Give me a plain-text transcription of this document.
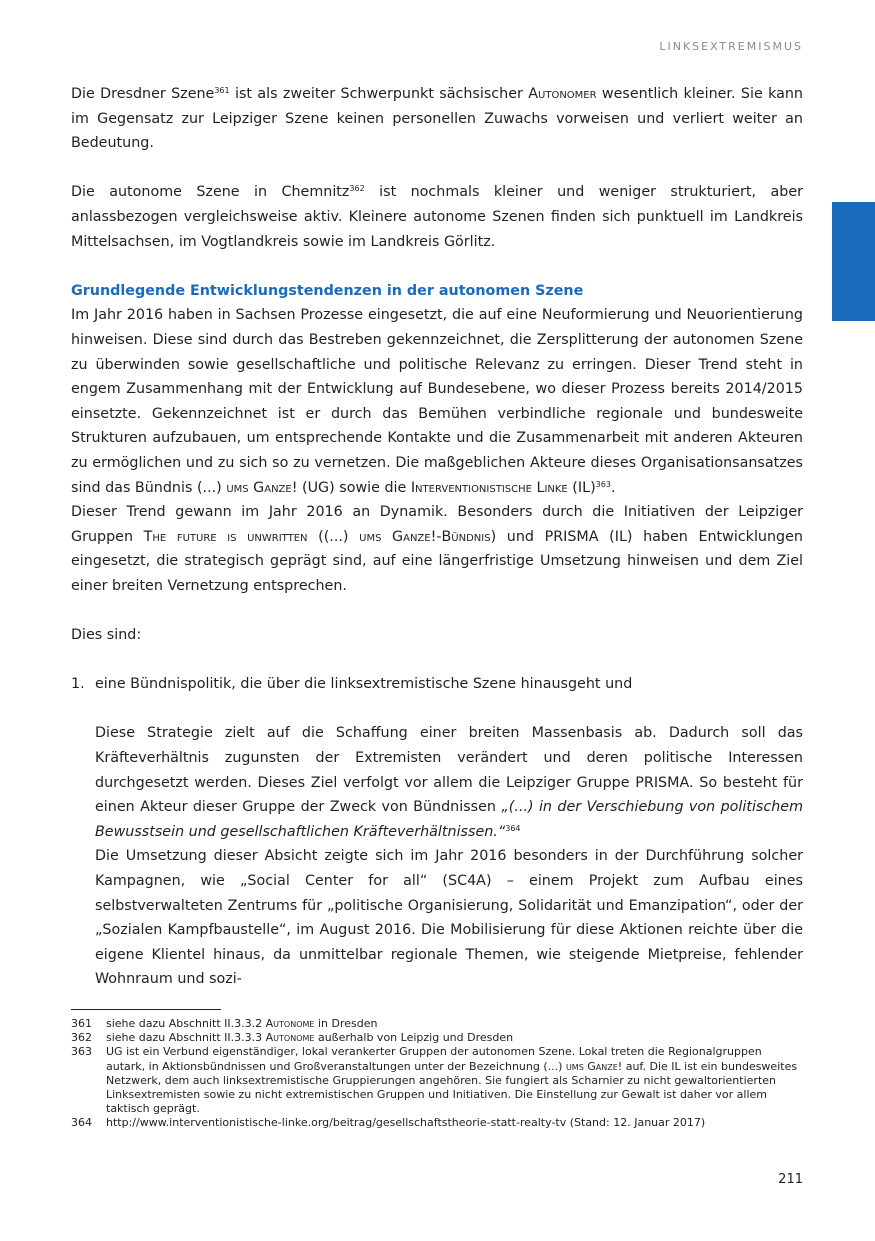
LINKSEXTREMISMUS

Die Dresdner Szene$^{361}$ ist als zweiter Schwerpunkt sächsischer Autonomer wesentlich kleiner. Sie kann im Gegensatz zur Leipziger Szene keinen personellen Zuwachs vorweisen und verliert weiter an Bedeutung.

Die autonome Szene in Chemnitz$^{362}$ ist nochmals kleiner und weniger strukturiert, aber anlassbezogen vergleichsweise aktiv. Kleinere autonome Szenen finden sich punktuell im Landkreis Mittelsachsen, im Vogtlandkreis sowie im Landkreis Görlitz.

Grundlegende Entwicklungstendenzen in der autonomen Szene

Im Jahr 2016 haben in Sachsen Prozesse eingesetzt, die auf eine Neuformierung und Neuorientierung hinweisen. Diese sind durch das Bestreben gekennzeichnet, die Zersplitterung der autonomen Szene zu überwinden sowie gesellschaftliche und politische Relevanz zu erringen. Dieser Trend steht in engem Zusammenhang mit der Entwicklung auf Bundesebene, wo dieser Prozess bereits 2014/2015 einsetzte. Gekennzeichnet ist er durch das Bemühen verbindliche regionale und bundesweite Strukturen aufzubauen, um entsprechende Kontakte und die Zusammenarbeit mit anderen Akteuren zu ermöglichen und zu sich so zu vernetzen. Die maßgeblichen Akteure dieses Organisationsansatzes sind das Bündnis (...) ums Ganze! (UG) sowie die Interventionistische Linke (IL)$^{363}$.

Dieser Trend gewann im Jahr 2016 an Dynamik. Besonders durch die Initiativen der Leipziger Gruppen The future is unwritten ((...) ums Ganze!-Bündnis) und PRISMA (IL) haben Entwicklungen eingesetzt, die strategisch geprägt sind, auf eine längerfristige Umsetzung hinweisen und dem Ziel einer breiten Vernetzung entsprechen.

Dies sind:

1. eine Bündnispolitik, die über die linksextremistische Szene hinausgeht und

Diese Strategie zielt auf die Schaffung einer breiten Massenbasis ab. Dadurch soll das Kräfteverhältnis zugunsten der Extremisten verändert und deren politische Interessen durchgesetzt werden. Dieses Ziel verfolgt vor allem die Leipziger Gruppe PRISMA. So besteht für einen Akteur dieser Gruppe der Zweck von Bündnissen „(...) in der Verschiebung von politischem Bewusstsein und gesellschaftlichen Kräfteverhältnissen.“$^{364}$

Die Umsetzung dieser Absicht zeigte sich im Jahr 2016 besonders in der Durchführung solcher Kampagnen, wie „Social Center for all“ (SC4A) – einem Projekt zum Aufbau eines selbstverwalteten Zentrums für „politische Organisierung, Solidarität und Emanzipation“, oder der „Sozialen Kampfbaustelle“, im August 2016. Die Mobilisierung für diese Aktionen reichte über die eigene Klientel hinaus, da unmittelbar regionale Themen, wie steigende Mietpreise, fehlender Wohnraum und sozi-

361	siehe dazu Abschnitt II.3.3.2 Autonome in Dresden
362	siehe dazu Abschnitt II.3.3.3 Autonome außerhalb von Leipzig und Dresden
363	UG ist ein Verbund eigenständiger, lokal verankerter Gruppen der autonomen Szene. Lokal treten die Regionalgruppen autark, in Aktionsbündnissen und Großveranstaltungen unter der Bezeichnung (...) ums Ganze! auf. Die IL ist ein bundesweites Netzwerk, dem auch linksextremistische Gruppierungen angehören. Sie fungiert als Scharnier zu nicht gewaltorientierten Linksextremisten sowie zu nicht extremistischen Gruppen und Initiativen. Die Einstellung zur Gewalt ist daher vor allem taktisch geprägt.
364	http://www.interventionistische-linke.org/beitrag/gesellschaftstheorie-statt-realty-tv (Stand: 12. Januar 2017)
211
